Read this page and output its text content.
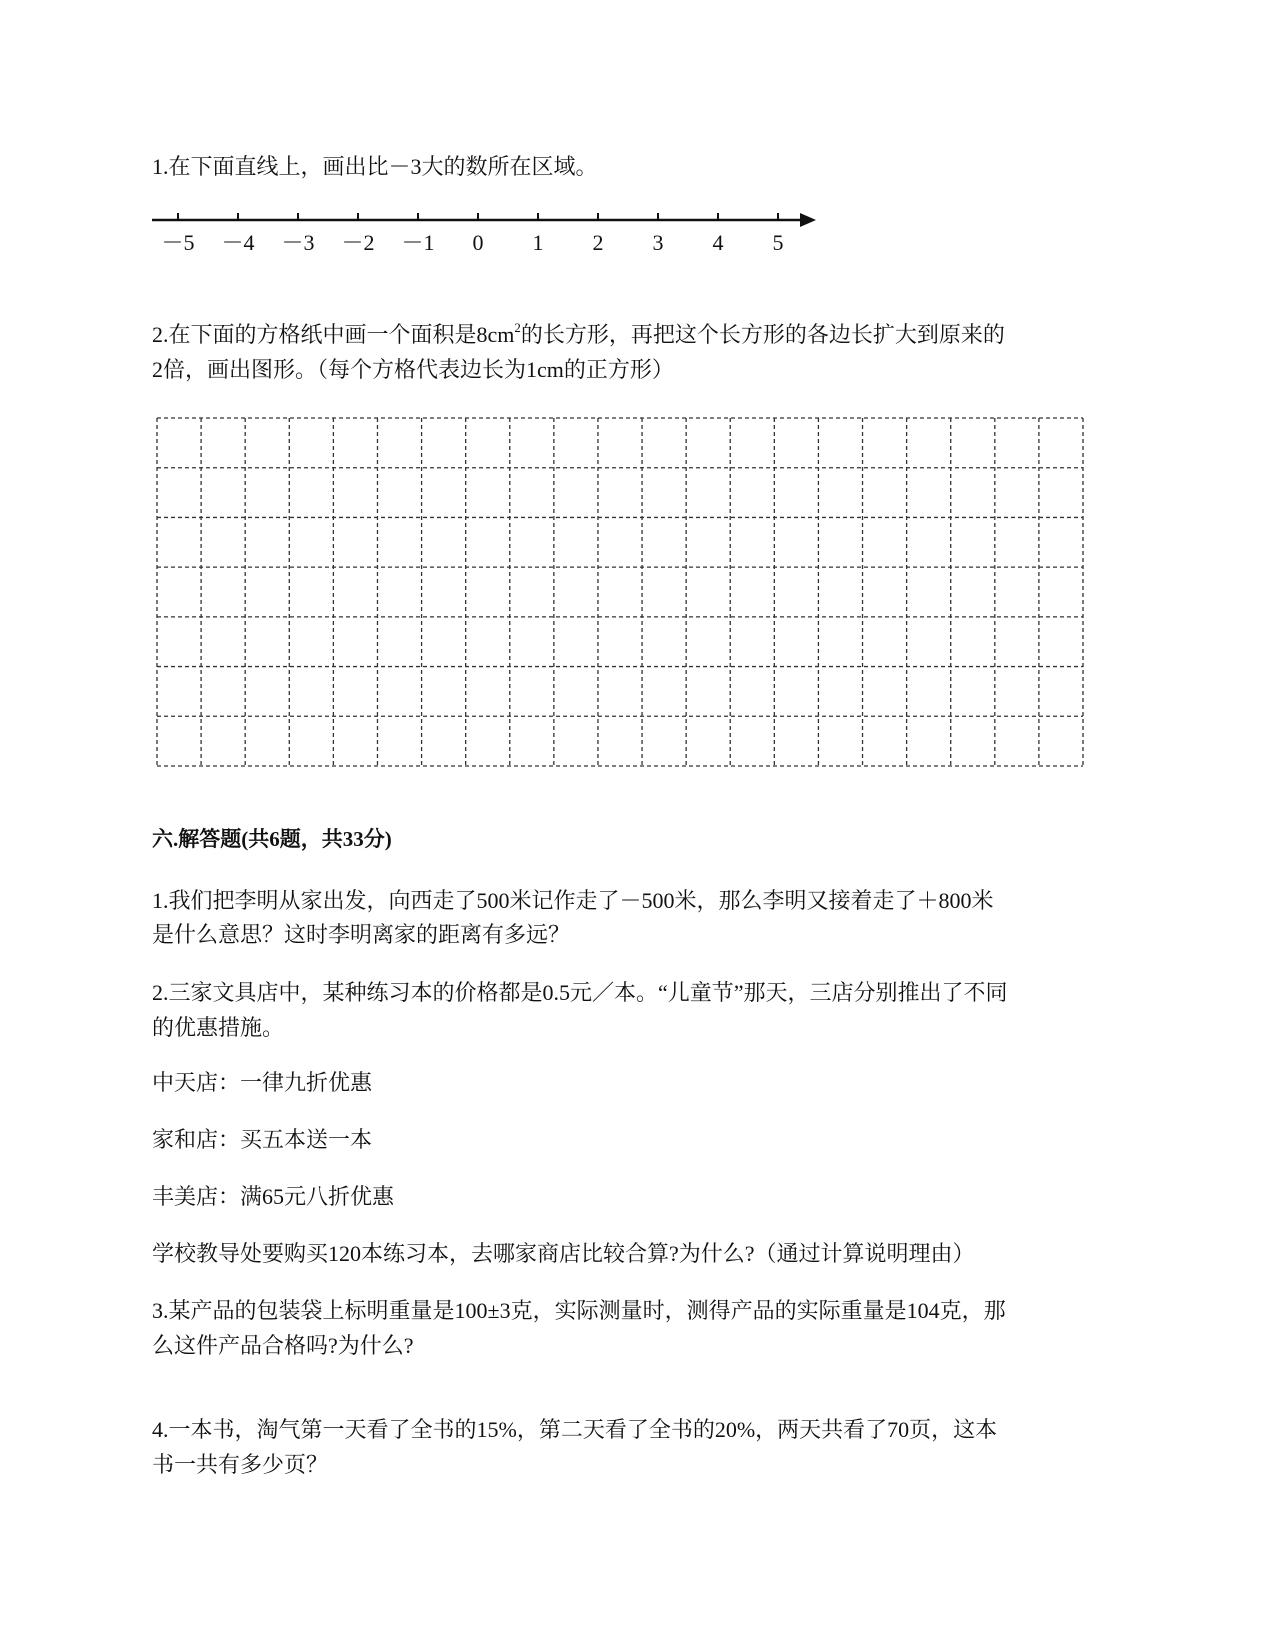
1.在下面直线上，画出比－3大的数所在区域。
－5 －4 －3 －2 －1 0 1 2 3 4 5
2.在下面的方格纸中画一个面积是$8cm^2$的长方形，再把这个长方形的各边长扩大到原来的
2倍，画出图形。（每个方格代表边长为1cm的正方形）
六.解答题(共6题，共33分)
1.我们把李明从家出发，向西走了500米记作走了－500米，那么李明又接着走了＋800米
是什么意思？这时李明离家的距离有多远？
2.三家文具店中，某种练习本的价格都是0.5元／本。“儿童节”那天，三店分别推出了不同
的优惠措施。
中天店：一律九折优惠
家和店：买五本送一本
丰美店：满65元八折优惠
学校教导处要购买120本练习本，去哪家商店比较合算?为什么?（通过计算说明理由）
3.某产品的包装袋上标明重量是100±3克，实际测量时，测得产品的实际重量是104克，那
么这件产品合格吗?为什么?
4.一本书，淘气第一天看了全书的15%，第二天看了全书的20%，两天共看了70页，这本
书一共有多少页？
